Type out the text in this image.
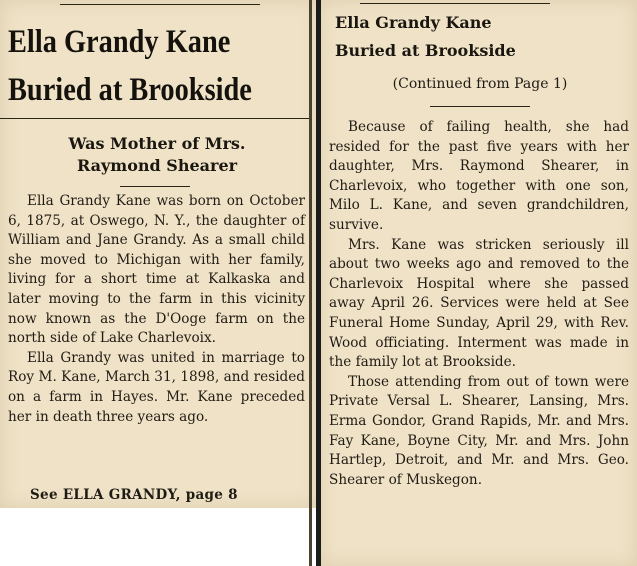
Ella Grandy Kane
Buried at Brookside
Was Mother of Mrs.
Raymond Shearer

Ella Grandy Kane was born on October 6, 1875, at Oswego, N. Y., the daughter of William and Jane Grandy. As a small child she moved to Michigan with her family, living for a short time at Kalkaska and later moving to the farm in this vicinity now known as the D'Ooge farm on the north side of Lake Charlevoix.

Ella Grandy was united in marriage to Roy M. Kane, March 31, 1898, and resided on a farm in Hayes. Mr. Kane preceded her in death three years ago.

See ELLA GRANDY, page 8

Ella Grandy Kane
Buried at Brookside

(Continued from Page 1)

Because of failing health, she had resided for the past five years with her daughter, Mrs. Raymond Shearer, in Charlevoix, who together with one son, Milo L. Kane, and seven grandchildren, survive.

Mrs. Kane was stricken seriously ill about two weeks ago and removed to the Charlevoix Hospital where she passed away April 26. Services were held at See Funeral Home Sunday, April 29, with Rev. Wood officiating. Interment was made in the family lot at Brookside.

Those attending from out of town were Private Versal L. Shearer, Lansing, Mrs. Erma Gondor, Grand Rapids, Mr. and Mrs. Fay Kane, Boyne City, Mr. and Mrs. John Hartlep, Detroit, and Mr. and Mrs. Geo. Shearer of Muskegon.
